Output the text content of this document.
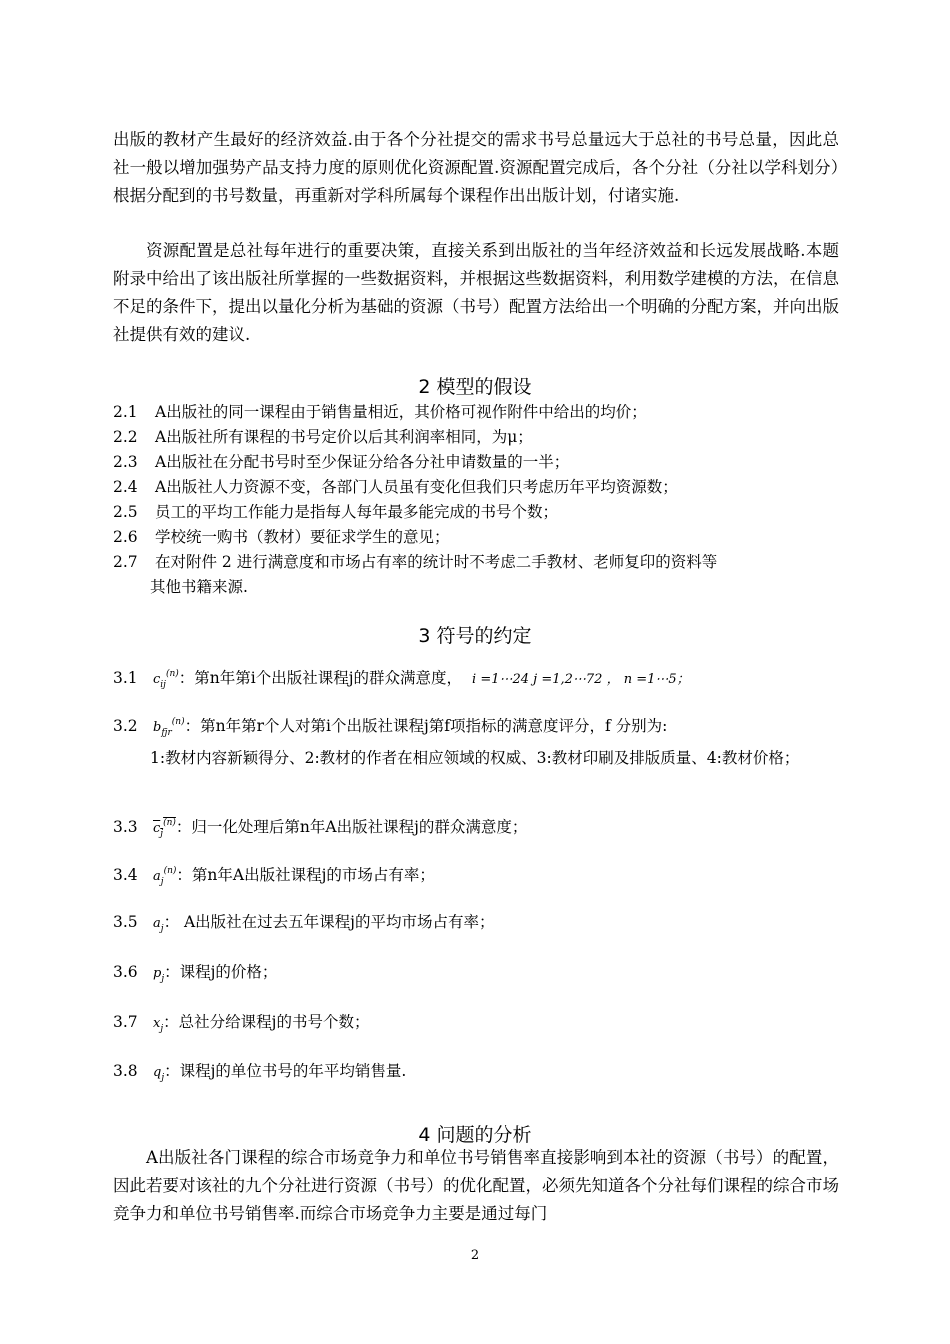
出版的教材产生最好的经济效益.由于各个分社提交的需求书号总量远大于总社的书号总量，因此总社一般以增加强势产品支持力度的原则优化资源配置.资源配置完成后，各个分社（分社以学科划分）根据分配到的书号数量，再重新对学科所属每个课程作出出版计划，付诸实施.
资源配置是总社每年进行的重要决策，直接关系到出版社的当年经济效益和长远发展战略.本题附录中给出了该出版社所掌握的一些数据资料，并根据这些数据资料，利用数学建模的方法，在信息不足的条件下，提出以量化分析为基础的资源（书号）配置方法给出一个明确的分配方案，并向出版社提供有效的建议.
2 模型的假设
2.1 A出版社的同一课程由于销售量相近，其价格可视作附件中给出的均价；
2.2 A出版社所有课程的书号定价以后其利润率相同，为μ；
2.3 A出版社在分配书号时至少保证分给各分社申请数量的一半；
2.4 A出版社人力资源不变，各部门人员虽有变化但我们只考虑历年平均资源数；
2.5 员工的平均工作能力是指每人每年最多能完成的书号个数；
2.6 学校统一购书（教材）要征求学生的意见；
2.7 在对附件 2 进行满意度和市场占有率的统计时不考虑二手教材、老师复印的资料等
其他书籍来源.
3 符号的约定
3.1 $c_{ij}^{(n)}$：第n年第i个出版社课程j的群众满意度， i =1⋯24 j =1,2⋯72 ， n =1⋯5；
3.2 $b_{fjr}^{(n)}$：第n年第r个人对第i个出版社课程j第f项指标的满意度评分，f 分别为:
1:教材内容新颖得分、2:教材的作者在相应领域的权威、3:教材印刷及排版质量、4:教材价格；
3.3 $c_j^{(n)}$：归一化处理后第n年A出版社课程j的群众满意度；
3.4 $a_j^{(n)}$：第n年A出版社课程j的市场占有率；
3.5 $a_j$： A出版社在过去五年课程j的平均市场占有率；
3.6 $p_j$：课程j的价格；
3.7 $x_j$：总社分给课程j的书号个数；
3.8 $q_j$：课程j的单位书号的年平均销售量.
4 问题的分析
A出版社各门课程的综合市场竞争力和单位书号销售率直接影响到本社的资源（书号）的配置，因此若要对该社的九个分社进行资源（书号）的优化配置，必须先知道各个分社每们课程的综合市场竞争力和单位书号销售率.而综合市场竞争力主要是通过每门
2
